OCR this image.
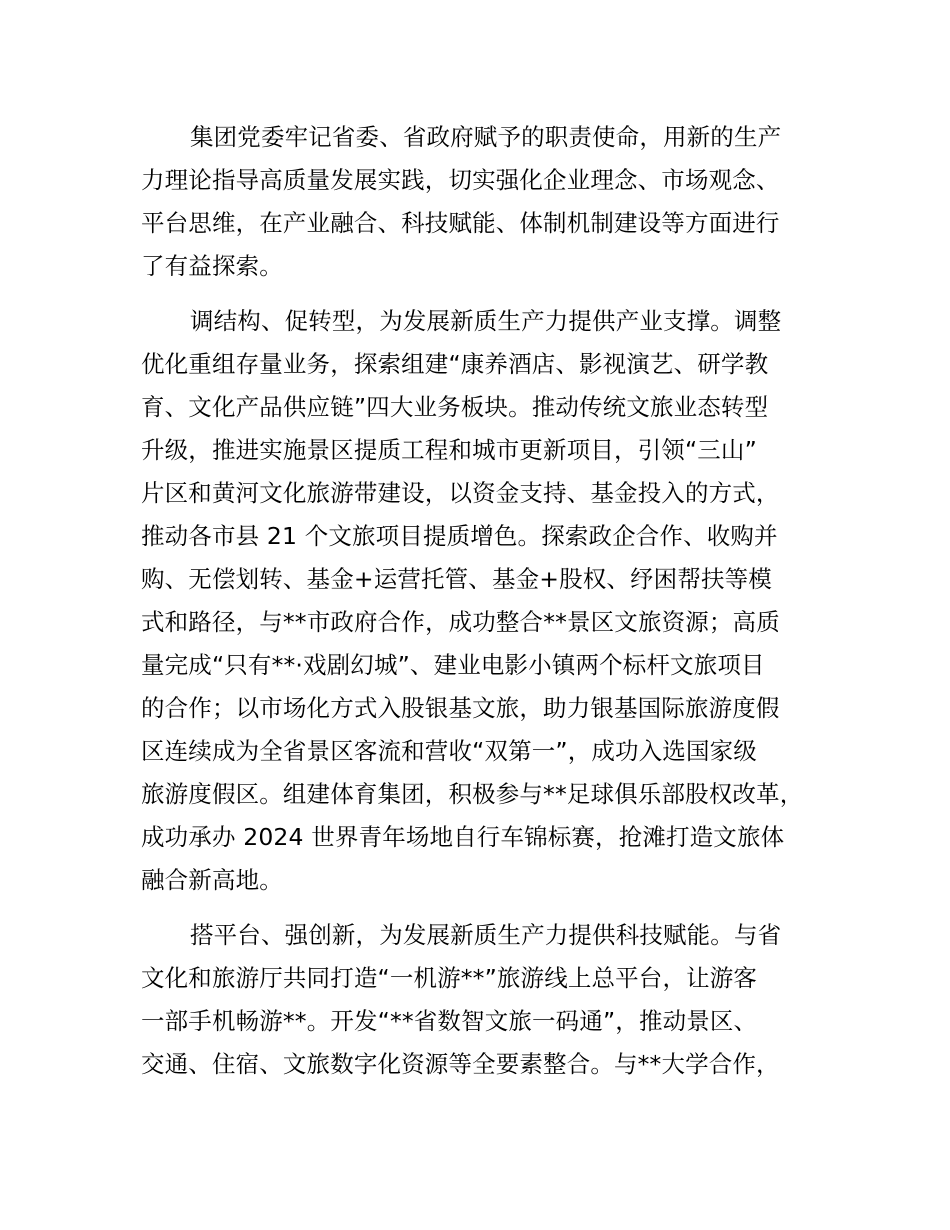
集团党委牢记省委、省政府赋予的职责使命，用新的生产
力理论指导高质量发展实践，切实强化企业理念、市场观念、
平台思维，在产业融合、科技赋能、体制机制建设等方面进行
了有益探索。
调结构、促转型，为发展新质生产力提供产业支撑。调整
优化重组存量业务，探索组建“康养酒店、影视演艺、研学教
育、文化产品供应链”四大业务板块。推动传统文旅业态转型
升级，推进实施景区提质工程和城市更新项目，引领“三山”
片区和黄河文化旅游带建设，以资金支持、基金投入的方式，
推动各市县 21 个文旅项目提质增色。探索政企合作、收购并
购、无偿划转、基金+运营托管、基金+股权、纾困帮扶等模
式和路径，与**市政府合作，成功整合**景区文旅资源；高质
量完成“只有**·戏剧幻城”、建业电影小镇两个标杆文旅项目
的合作；以市场化方式入股银基文旅，助力银基国际旅游度假
区连续成为全省景区客流和营收“双第一”，成功入选国家级
旅游度假区。组建体育集团，积极参与**足球俱乐部股权改革，
成功承办 2024 世界青年场地自行车锦标赛，抢滩打造文旅体
融合新高地。
搭平台、强创新，为发展新质生产力提供科技赋能。与省
文化和旅游厅共同打造“一机游**”旅游线上总平台，让游客
一部手机畅游**。开发“**省数智文旅一码通”，推动景区、
交通、住宿、文旅数字化资源等全要素整合。与**大学合作，
